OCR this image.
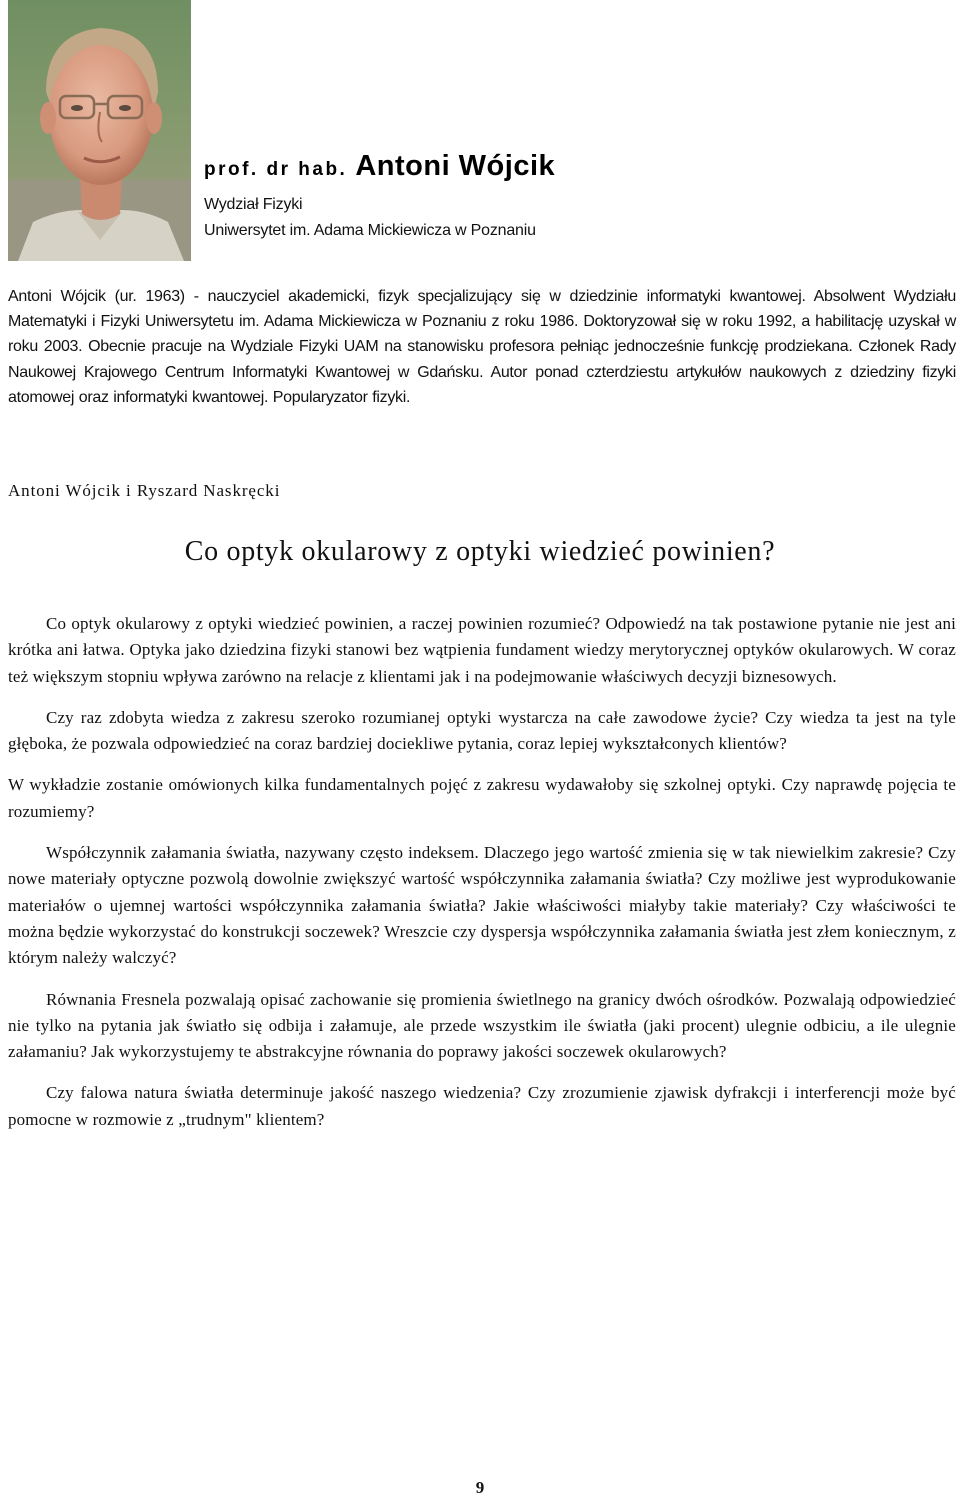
prof. dr hab. Antoni Wójcik
Wydział Fizyki
Uniwersytet im. Adama Mickiewicza w Poznaniu
Antoni Wójcik (ur. 1963) - nauczyciel akademicki, fizyk specjalizujący się w dziedzinie informatyki kwantowej. Absolwent Wydziału Matematyki i Fizyki Uniwersytetu im. Adama Mickiewicza w Poznaniu z roku 1986. Doktoryzował się w roku 1992, a habilitację uzyskał w roku 2003. Obecnie pracuje na Wydziale Fizyki UAM na stanowisku profesora pełniąc jednocześnie funkcję prodziekana. Członek Rady Naukowej Krajowego Centrum Informatyki Kwantowej w Gdańsku. Autor ponad czterdziestu artykułów naukowych z dziedziny fizyki atomowej oraz informatyki kwantowej. Popularyzator fizyki.
Antoni Wójcik i Ryszard Naskręcki
Co optyk okularowy z optyki wiedzieć powinien?

Co optyk okularowy z optyki wiedzieć powinien, a raczej powinien rozumieć? Odpowiedź na tak postawione pytanie nie jest ani krótka ani łatwa. Optyka jako dziedzina fizyki stanowi bez wątpienia fundament wiedzy merytorycznej optyków okularowych. W coraz też większym stopniu wpływa zarówno na relacje z klientami jak i na podejmowanie właściwych decyzji biznesowych.

Czy raz zdobyta wiedza z zakresu szeroko rozumianej optyki wystarcza na całe zawodowe życie? Czy wiedza ta jest na tyle głęboka, że pozwala odpowiedzieć na coraz bardziej dociekliwe pytania, coraz lepiej wykształconych klientów?

W wykładzie zostanie omówionych kilka fundamentalnych pojęć z zakresu wydawałoby się szkolnej optyki. Czy naprawdę pojęcia te rozumiemy?

Współczynnik załamania światła, nazywany często indeksem. Dlaczego jego wartość zmienia się w tak niewielkim zakresie? Czy nowe materiały optyczne pozwolą dowolnie zwiększyć wartość współczynnika załamania światła? Czy możliwe jest wyprodukowanie materiałów o ujemnej wartości współczynnika załamania światła? Jakie właściwości miałyby takie materiały? Czy właściwości te można będzie wykorzystać do konstrukcji soczewek? Wreszcie czy dyspersja współczynnika załamania światła jest złem koniecznym, z którym należy walczyć?

Równania Fresnela pozwalają opisać zachowanie się promienia świetlnego na granicy dwóch ośrodków. Pozwalają odpowiedzieć nie tylko na pytania jak światło się odbija i załamuje, ale przede wszystkim ile światła (jaki procent) ulegnie odbiciu, a ile ulegnie załamaniu? Jak wykorzystujemy te abstrakcyjne równania do poprawy jakości soczewek okularowych?

Czy falowa natura światła determinuje jakość naszego wiedzenia? Czy zrozumienie zjawisk dyfrakcji i interferencji może być pomocne w rozmowie z „trudnym" klientem?

9
